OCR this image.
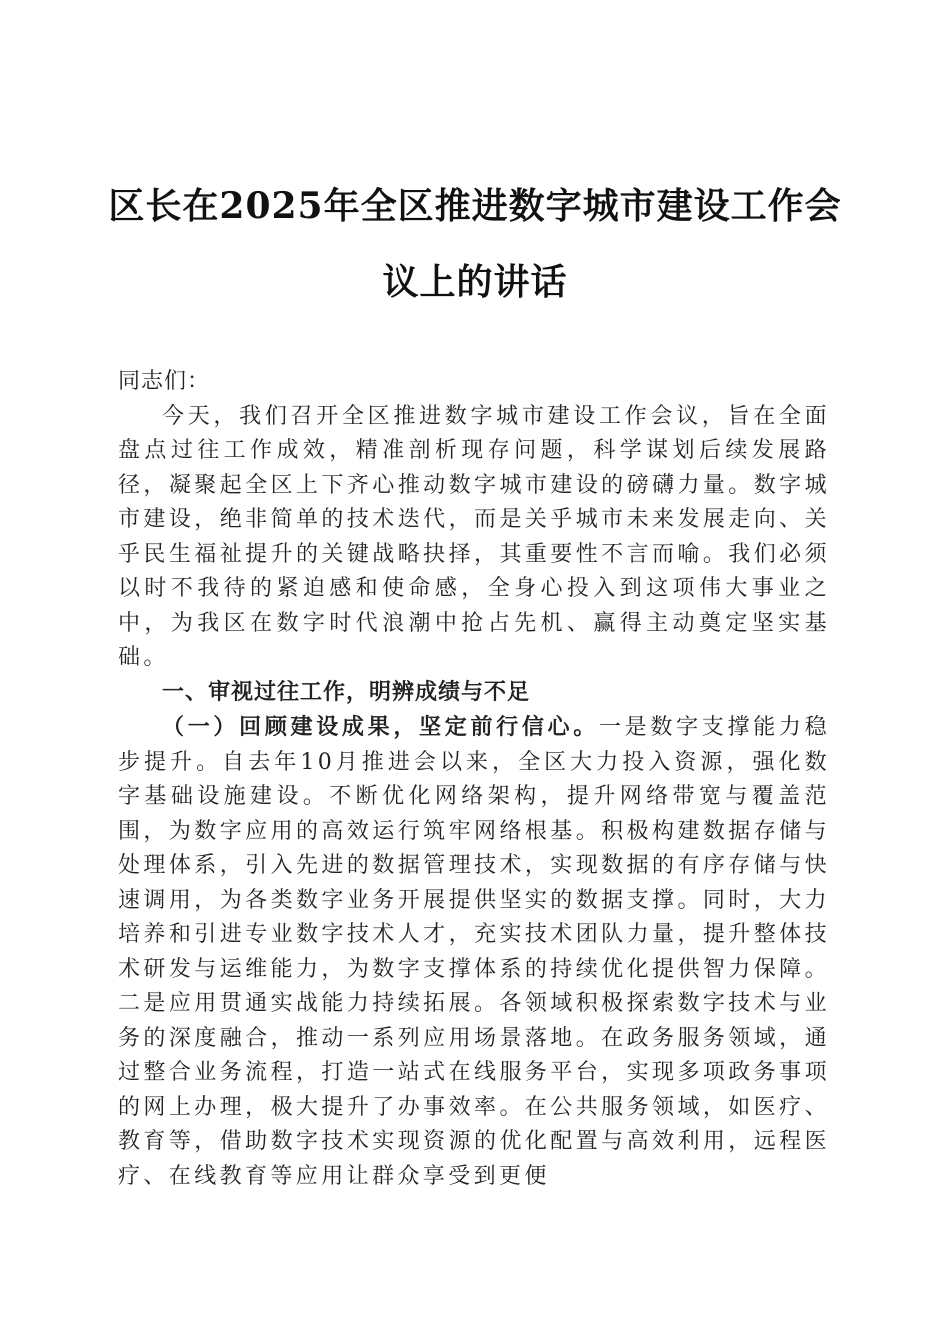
区长在2025年全区推进数字城市建设工作会议上的讲话

同志们：

今天，我们召开全区推进数字城市建设工作会议，旨在全面盘点过往工作成效，精准剖析现存问题，科学谋划后续发展路径，凝聚起全区上下齐心推动数字城市建设的磅礴力量。数字城市建设，绝非简单的技术迭代，而是关乎城市未来发展走向、关乎民生福祉提升的关键战略抉择，其重要性不言而喻。我们必须以时不我待的紧迫感和使命感，全身心投入到这项伟大事业之中，为我区在数字时代浪潮中抢占先机、赢得主动奠定坚实基础。

一、审视过往工作，明辨成绩与不足

（一）回顾建设成果，坚定前行信心。一是数字支撑能力稳步提升。自去年10月推进会以来，全区大力投入资源，强化数字基础设施建设。不断优化网络架构，提升网络带宽与覆盖范围，为数字应用的高效运行筑牢网络根基。积极构建数据存储与处理体系，引入先进的数据管理技术，实现数据的有序存储与快速调用，为各类数字业务开展提供坚实的数据支撑。同时，大力培养和引进专业数字技术人才，充实技术团队力量，提升整体技术研发与运维能力，为数字支撑体系的持续优化提供智力保障。二是应用贯通实战能力持续拓展。各领域积极探索数字技术与业务的深度融合，推动一系列应用场景落地。在政务服务领域，通过整合业务流程，打造一站式在线服务平台，实现多项政务事项的网上办理，极大提升了办事效率。在公共服务领域，如医疗、教育等，借助数字技术实现资源的优化配置与高效利用，远程医疗、在线教育等应用让群众享受到更便
